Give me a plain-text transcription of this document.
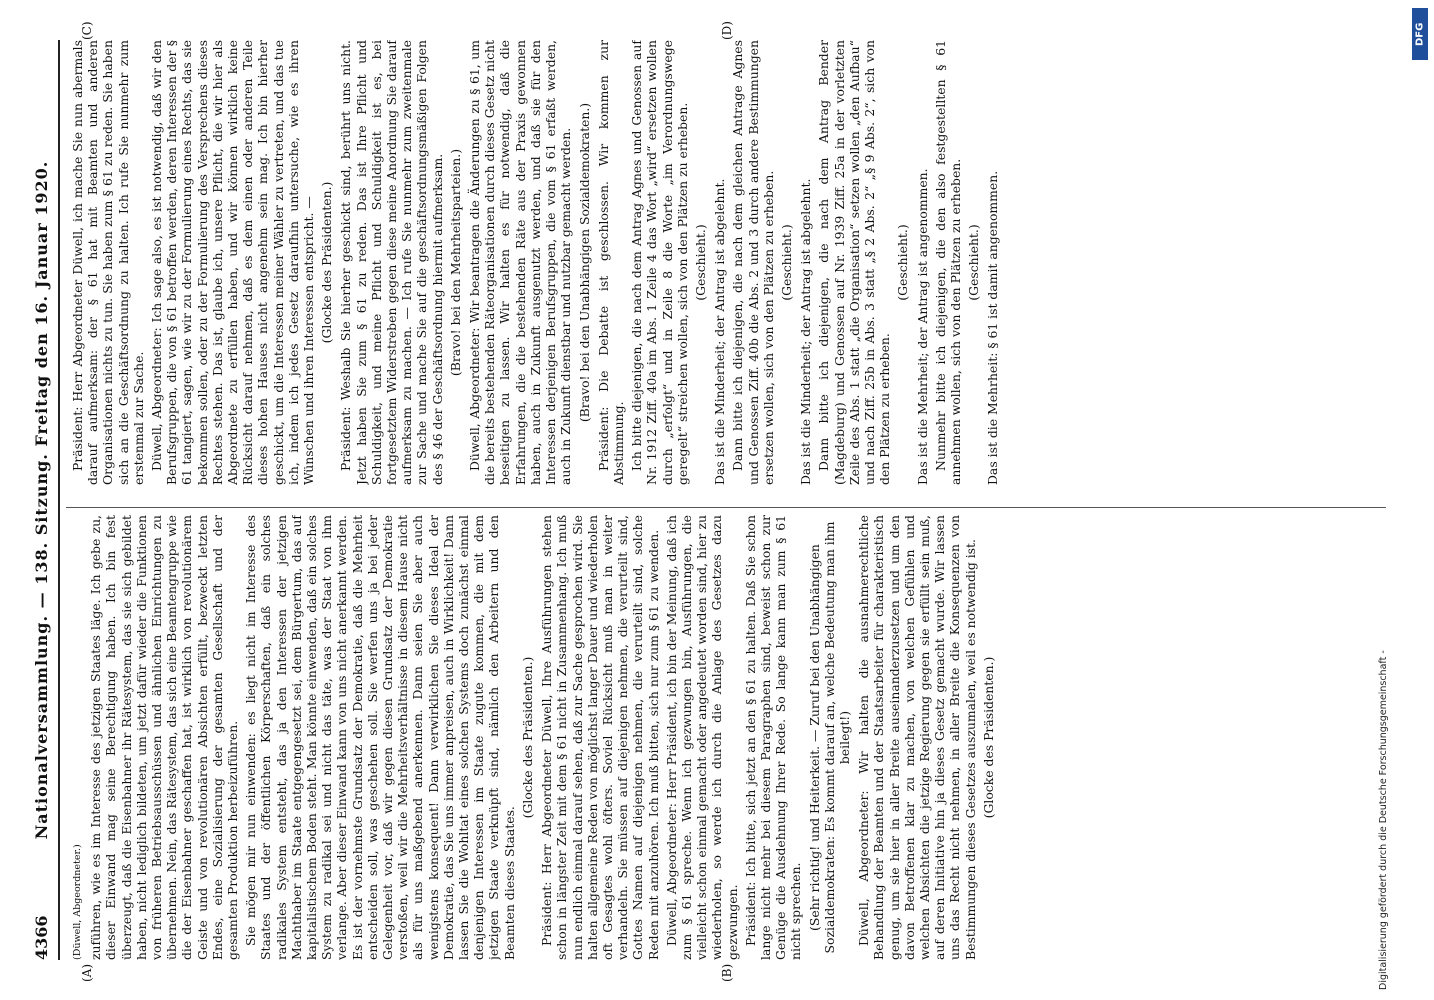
4366
Nationalversammlung. — 138. Sitzung. Freitag den 16. Januar 1920.
(A)	(B)
(C)	(D)

(Düwell, Abgeordneter.) zuführen, wie es im Interesse des jetzigen Staates läge. Ich gebe zu, dieser Einwand mag seine Berechtigung haben. Ich bin fest überzeugt, daß die Eisenbahner ihr Rätesystem, das sie sich gebildet haben, nicht lediglich bildeten, um jetzt dafür wieder die Funktionen von früheren Betriebsausschüssen und ähnlichen Einrichtungen zu übernehmen. Nein, das Rätesystem, das sich eine Beamtengruppe wie die der Eisenbahner geschaffen hat, ist wirklich von revolutionärem Geiste und von revolutionären Absichten erfüllt, bezweckt letzten Endes, eine Sozialisierung der gesamten Gesellschaft und der gesamten Produktion herbeizuführen. Sie mögen mir nun einwenden: es liegt nicht im Interesse des Staates und der öffentlichen Körperschaften, daß ein solches radikales System entsteht, das ja den Interessen der jetzigen Machthaber im Staate entgegengesetzt sei, dem Bürgertum, das auf kapitalistischem Boden steht. Man könnte einwenden, daß ein solches System zu radikal sei und nicht das täte, was der Staat von ihm verlange. Aber dieser Einwand kann von uns nicht anerkannt werden. Es ist der vornehmste Grundsatz der Demokratie, daß die Mehrheit entscheiden soll, was geschehen soll. Sie werfen uns ja bei jeder Gelegenheit vor, daß wir gegen diesen Grundsatz der Demokratie verstoßen, weil wir die Mehrheitsverhältnisse in diesem Hause nicht als für uns maßgebend anerkennen. Dann seien Sie aber auch wenigstens konsequent! Dann verwirklichen Sie dieses Ideal der Demokratie, das Sie uns immer anpreisen, auch in Wirklichkeit! Dann lassen Sie die Wohltat eines solchen Systems doch zunächst einmal denjenigen Interessen im Staate zugute kommen, die mit dem jetzigen Staate verknüpft sind, nämlich den Arbeitern und den Beamten dieses Staates.

(Glocke des Präsidenten.) Präsident: Herr Abgeordneter Düwell, Ihre Ausführungen stehen schon in längster Zeit mit dem § 61 nicht in Zusammenhang. Ich muß nun endlich einmal darauf sehen, daß zur Sache gesprochen wird. Sie halten allgemeine Reden von möglichst langer Dauer und wiederholen oft Gesagtes wohl öfters. Soviel Rücksicht muß man in weiter verhandeln. Sie müssen auf diejenigen nehmen, die verurteilt sind, Gottes Namen auf diejenigen nehmen, die verurteilt sind, solche Reden mit anzuhören. Ich muß bitten, sich nur zum § 61 zu wenden. Düwell, Abgeordneter: Herr Präsident, ich bin der Meinung, daß ich zum § 61 spreche. Wenn ich gezwungen bin, Ausführungen, die vielleicht schon einmal gemacht oder angedeutet worden sind, hier zu wiederholen, so werde ich durch die Anlage des Gesetzes dazu gezwungen. Präsident: Ich bitte, sich jetzt an den § 61 zu halten. Daß Sie schon lange nicht mehr bei diesem Paragraphen sind, beweist schon zur Genüge die Ausdehnung Ihrer Rede. So lange kann man zum § 61 nicht sprechen. (Sehr richtig! und Heiterkeit. — Zuruf bei den Unabhängigen Sozialdemokraten: Es kommt darauf an, welche Bedeutung man ihm beilegt!) Düwell, Abgeordneter: Wir halten die ausnahmerechtliche Behandlung der Beamten und der Staatsarbeiter für charakteristisch genug, um sie hier in aller Breite auseinanderzusetzen und um den davon Betroffenen klar zu machen, von welchen Gefühlen und welchen Absichten die jetzige Regierung gegen sie erfüllt sein muß, auf deren Initiative hin ja dieses Gesetz gemacht wurde. Wir lassen uns das Recht nicht nehmen, in aller Breite die Konsequenzen von Bestimmungen dieses Gesetzes auszumalen, weil es notwendig ist. (Glocke des Präsidenten.)

Präsident: Herr Abgeordneter Düwell, ich mache Sie nun abermals darauf aufmerksam: der § 61 hat mit Beamten und anderen Organisationen nichts zu tun. Sie haben zum § 61 zu reden. Sie haben sich an die Geschäftsordnung zu halten. Ich rufe Sie nunmehr zum erstenmal zur Sache. Düwell, Abgeordneter: Ich sage also, es ist notwendig, daß wir den Berufsgruppen, die von § 61 betroffen werden, deren Interessen der § 61 tangiert, sagen, wie wir zu der Formulierung eines Rechts, das sie bekommen sollen, oder zu der Formulierung des Versprechens dieses Rechtes stehen. Das ist, glaube ich, unsere Pflicht, die wir hier als Abgeordnete zu erfüllen haben, und wir können wirklich keine Rücksicht darauf nehmen, daß es dem einen oder anderen Teile dieses hohen Hauses nicht angenehm sein mag. Ich bin hierher geschickt, um die Interessen meiner Wähler zu vertreten, und das tue ich, indem ich jedes Gesetz daraufhin untersuche, wie es ihren Wünschen und ihren Interessen entspricht. — (Glocke des Präsidenten.) Präsident: Weshalb Sie hierher geschickt sind, berührt uns nicht. Jetzt haben Sie zum § 61 zu reden. Das ist Ihre Pflicht und Schuldigkeit, und meine Pflicht und Schuldigkeit ist es, bei fortgesetztem Widerstreben gegen diese meine Anordnung Sie darauf aufmerksam zu machen. — Ich rufe Sie nunmehr zum zweitenmale zur Sache und mache Sie auf die geschäftsordnungsmäßigen Folgen des § 46 der Geschäftsordnung hiermit aufmerksam. (Bravo! bei den Mehrheitsparteien.) Düwell, Abgeordneter: Wir beantragen die Änderungen zu § 61, um die bereits bestehenden Räteorganisationen durch dieses Gesetz nicht beseitigen zu lassen. Wir halten es für notwendig, daß die Erfahrungen, die die bestehenden Räte aus der Praxis gewonnen haben, auch in Zukunft ausgenutzt werden, und daß sie für den Interessen derjenigen Berufsgruppen, die vom § 61 erfaßt werden, auch in Zukunft dienstbar und nutzbar gemacht werden. (Bravo! bei den Unabhängigen Sozialdemokraten.) Präsident: Die Debatte ist geschlossen. Wir kommen zur Abstimmung. Ich bitte diejenigen, die nach dem Antrag Agnes und Genossen auf Nr. 1912 Ziff. 40a im Abs. 1 Zeile 4 das Wort „wird“ ersetzen wollen durch „erfolgt“ und in Zeile 8 die Worte „im Verordnungswege geregelt“ streichen wollen, sich von den Plätzen zu erheben. (Geschieht.) Das ist die Minderheit; der Antrag ist abgelehnt. Dann bitte ich diejenigen, die nach dem gleichen Antrage Agnes und Genossen Ziff. 40b die Abs. 2 und 3 durch andere Bestimmungen ersetzen wollen, sich von den Plätzen zu erheben. (Geschieht.) Das ist die Minderheit; der Antrag ist abgelehnt. Dann bitte ich diejenigen, die nach dem Antrag Bender (Magdeburg) und Genossen auf Nr. 1939 Ziff. 25a in der vorletzten Zeile des Abs. 1 statt „die Organisation“ setzen wollen „den Aufbau“ und nach Ziff. 25b in Abs. 3 statt „§ 2 Abs. 2“ „§ 9 Abs. 2“, sich von den Plätzen zu erheben.

(Geschieht.) Das ist die Mehrheit; der Antrag ist angenommen. Nunmehr bitte ich diejenigen, die den also festgestellten § 61 annehmen wollen, sich von den Plätzen zu erheben. (Geschieht.) Das ist die Mehrheit: § 61 ist damit angenommen.

Digitalisierung gefördert durch die Deutsche Forschungsgemeinschaft -
DFG
